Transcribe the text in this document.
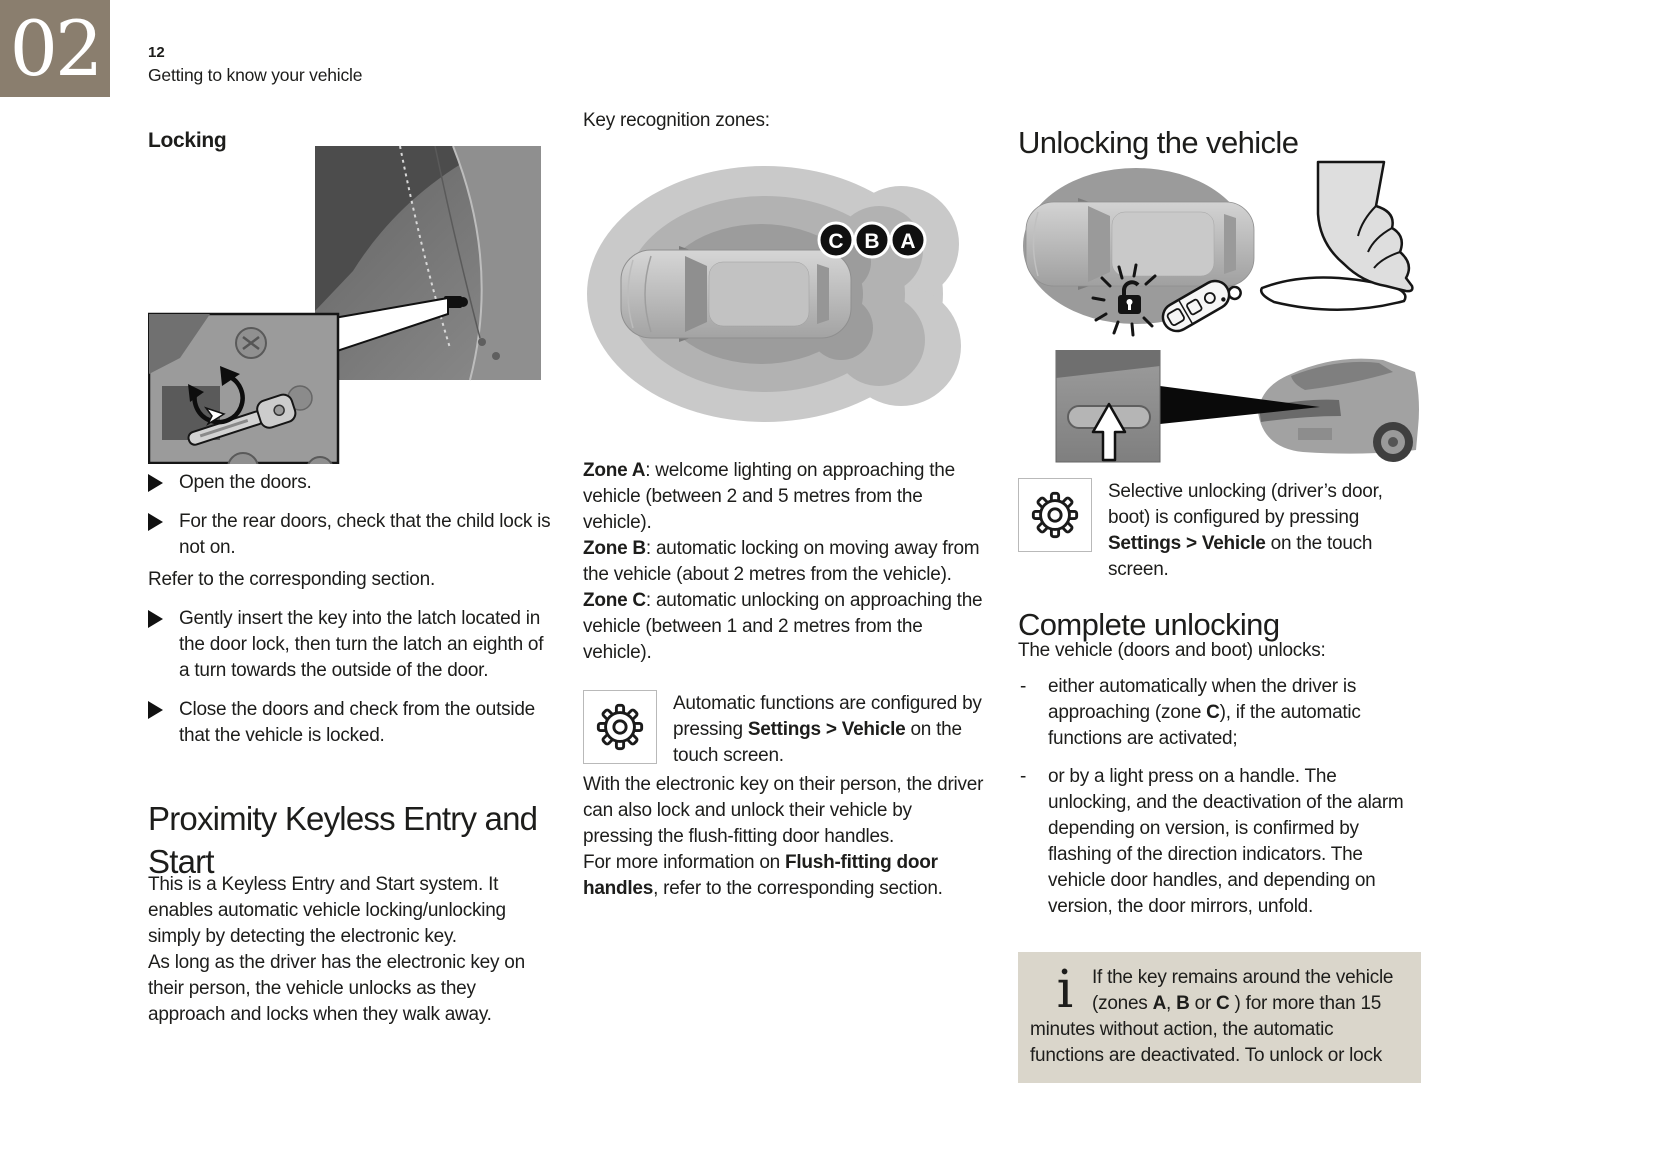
02	12
Getting to know your vehicle
Locking

Open the doors.

For the rear doors, check that the child lock is not on.

Refer to the corresponding section.

Gently insert the key into the latch located in the door lock, then turn the latch an eighth of a turn towards the outside of the door.

Close the doors and check from the outside that the vehicle is locked.

Proximity Keyless Entry and Start

This is a Keyless Entry and Start system. It enables automatic vehicle locking/unlocking simply by detecting the electronic key.

As long as the driver has the electronic key on their person, the vehicle unlocks as they approach and locks when they walk away.

Key recognition zones:

C B A

Zone A: welcome lighting on approaching the vehicle (between 2 and 5 metres from the vehicle).

Zone B: automatic locking on moving away from the vehicle (about 2 metres from the vehicle).

Zone C: automatic unlocking on approaching the vehicle (between 1 and 2 metres from the vehicle).

Automatic functions are configured by pressing Settings > Vehicle on the touch screen.

With the electronic key on their person, the driver can also lock and unlock their vehicle by pressing the flush-fitting door handles.

For more information on Flush-fitting door handles, refer to the corresponding section.

Unlocking the vehicle

Selective unlocking (driver’s door, boot) is configured by pressing Settings > Vehicle on the touch screen.

Complete unlocking

The vehicle (doors and boot) unlocks:

- either automatically when the driver is approaching (zone C), if the automatic functions are activated;

- or by a light press on a handle. The unlocking, and the deactivation of the alarm depending on version, is confirmed by flashing of the direction indicators. The vehicle door handles, and depending on version, the door mirrors, unfold.

i If the key remains around the vehicle (zones A, B or C ) for more than 15 minutes without action, the automatic functions are deactivated. To unlock or lock
